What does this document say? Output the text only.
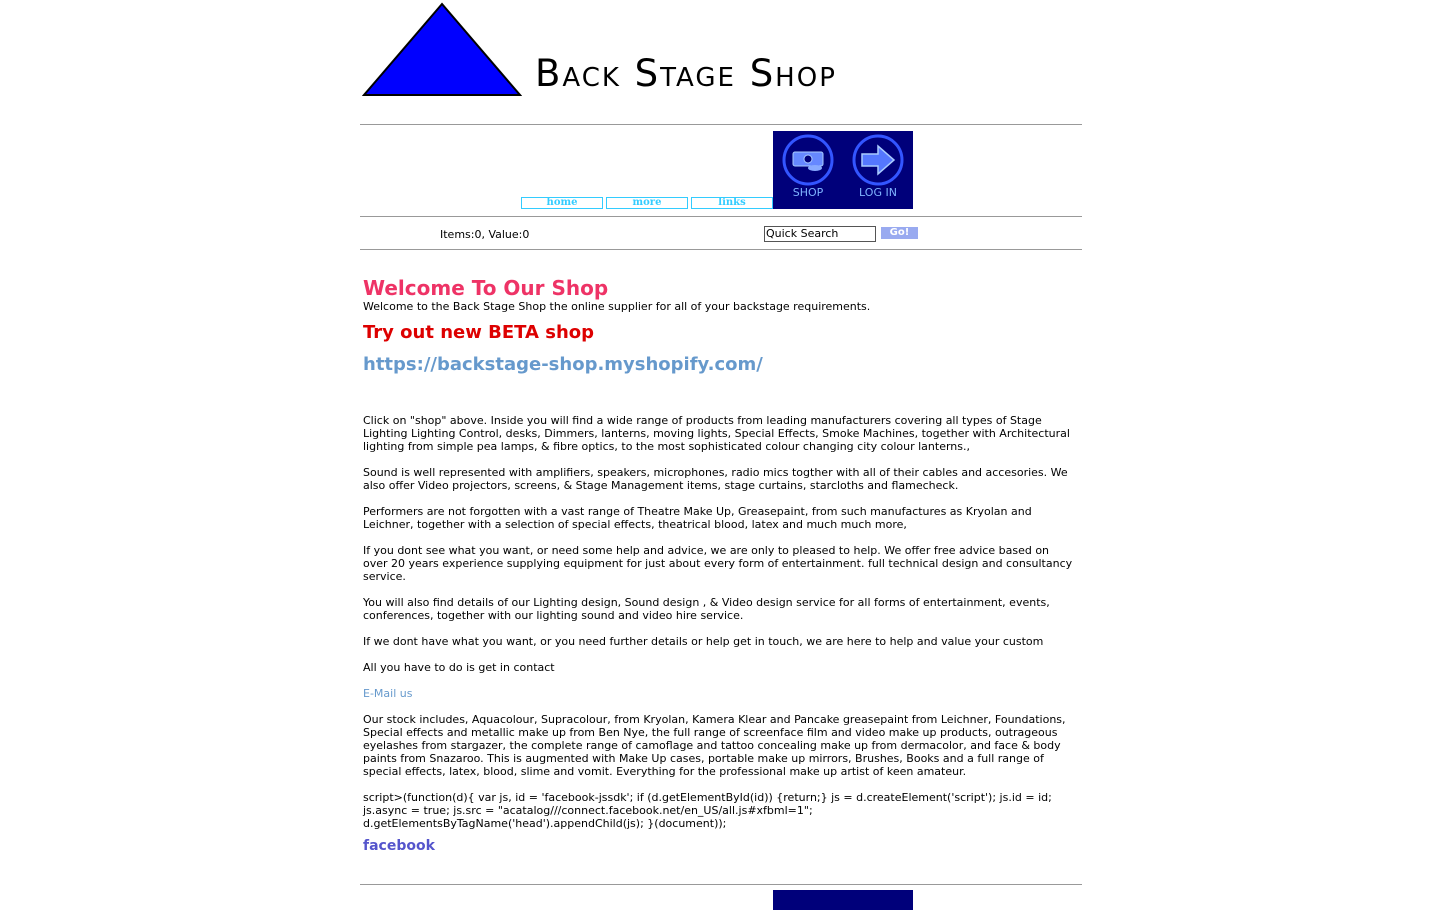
Back Stage Shop
home	more	links
SHOP	LOG IN
Items:0, Value:0	Quick Search	Go!
Welcome To Our Shop

Welcome to the Back Stage Shop the online supplier for all of your backstage requirements.

Try out new BETA shop
https://backstage-shop.myshopify.com/

Click on "shop" above. Inside you will find a wide range of products from leading manufacturers covering all types of Stage Lighting Lighting Control, desks, Dimmers, lanterns, moving lights, Special Effects, Smoke Machines, together with Architectural lighting from simple pea lamps, & fibre optics, to the most sophisticated colour changing city colour lanterns.,

Sound is well represented with amplifiers, speakers, microphones, radio mics togther with all of their cables and accesories. We also offer Video projectors, screens, & Stage Management items, stage curtains, starcloths and flamecheck.

Performers are not forgotten with a vast range of Theatre Make Up, Greasepaint, from such manufactures as Kryolan and Leichner, together with a selection of special effects, theatrical blood, latex and much much more,

If you dont see what you want, or need some help and advice, we are only to pleased to help. We offer free advice based on over 20 years experience supplying equipment for just about every form of entertainment. full technical design and consultancy service.

You will also find details of our Lighting design, Sound design , & Video design service for all forms of entertainment, events, conferences, together with our lighting sound and video hire service.

If we dont have what you want, or you need further details or help get in touch, we are here to help and value your custom

All you have to do is get in contact

E-Mail us

Our stock includes, Aquacolour, Supracolour, from Kryolan, Kamera Klear and Pancake greasepaint from Leichner, Foundations, Special effects and metallic make up from Ben Nye, the full range of screenface film and video make up products, outrageous eyelashes from stargazer, the complete range of camoflage and tattoo concealing make up from dermacolor, and face & body paints from Snazaroo. This is augmented with Make Up cases, portable make up mirrors, Brushes, Books and a full range of special effects, latex, blood, slime and vomit. Everything for the professional make up artist of keen amateur.

script>(function(d){ var js, id = 'facebook-jssdk'; if (d.getElementById(id)) {return;} js = d.createElement('script'); js.id = id; js.async = true; js.src = "acatalog///connect.facebook.net/en_US/all.js#xfbml=1"; d.getElementsByTagName('head').appendChild(js); }(document));

facebook
